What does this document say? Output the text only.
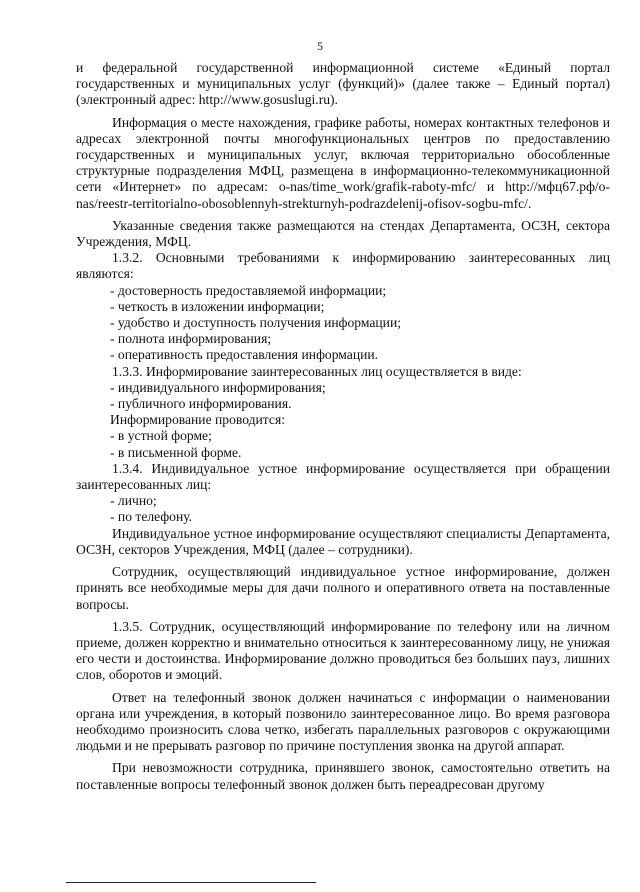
5

и федеральной государственной информационной системе «Единый портал государственных и муниципальных услуг (функций)» (далее также – Единый портал) (электронный адрес: http://www.gosuslugi.ru).

Информация о месте нахождения, графике работы, номерах контактных телефонов и адресах электронной почты многофункциональных центров по предоставлению государственных и муниципальных услуг, включая территориально обособленные структурные подразделения МФЦ, размещена в информационно-телекоммуникационной сети «Интернет» по адресам: o-nas/time_work/grafik-raboty-mfc/ и http://мфц67.рф/o-nas/reestr-territorialno-obosoblennyh-strekturnyh-podrazdelenij-ofisov-sogbu-mfc/.

Указанные сведения также размещаются на стендах Департамента, ОСЗН, сектора Учреждения, МФЦ.

1.3.2. Основными требованиями к информированию заинтересованных лиц являются:

- достоверность предоставляемой информации;

- четкость в изложении информации;

- удобство и доступность получения информации;

- полнота информирования;

- оперативность предоставления информации.

1.3.3. Информирование заинтересованных лиц осуществляется в виде:

- индивидуального информирования;

- публичного информирования.

Информирование проводится:

- в устной форме;

- в письменной форме.

1.3.4. Индивидуальное устное информирование осуществляется при обращении заинтересованных лиц:

- лично;

- по телефону.

Индивидуальное устное информирование осуществляют специалисты Департамента, ОСЗН, секторов Учреждения, МФЦ (далее – сотрудники).

Сотрудник, осуществляющий индивидуальное устное информирование, должен принять все необходимые меры для дачи полного и оперативного ответа на поставленные вопросы.

1.3.5. Сотрудник, осуществляющий информирование по телефону или на личном приеме, должен корректно и внимательно относиться к заинтересованному лицу, не унижая его чести и достоинства. Информирование должно проводиться без больших пауз, лишних слов, оборотов и эмоций.

Ответ на телефонный звонок должен начинаться с информации о наименовании органа или учреждения, в который позвонило заинтересованное лицо. Во время разговора необходимо произносить слова четко, избегать параллельных разговоров с окружающими людьми и не прерывать разговор по причине поступления звонка на другой аппарат.

При невозможности сотрудника, принявшего звонок, самостоятельно ответить на поставленные вопросы телефонный звонок должен быть переадресован другому
